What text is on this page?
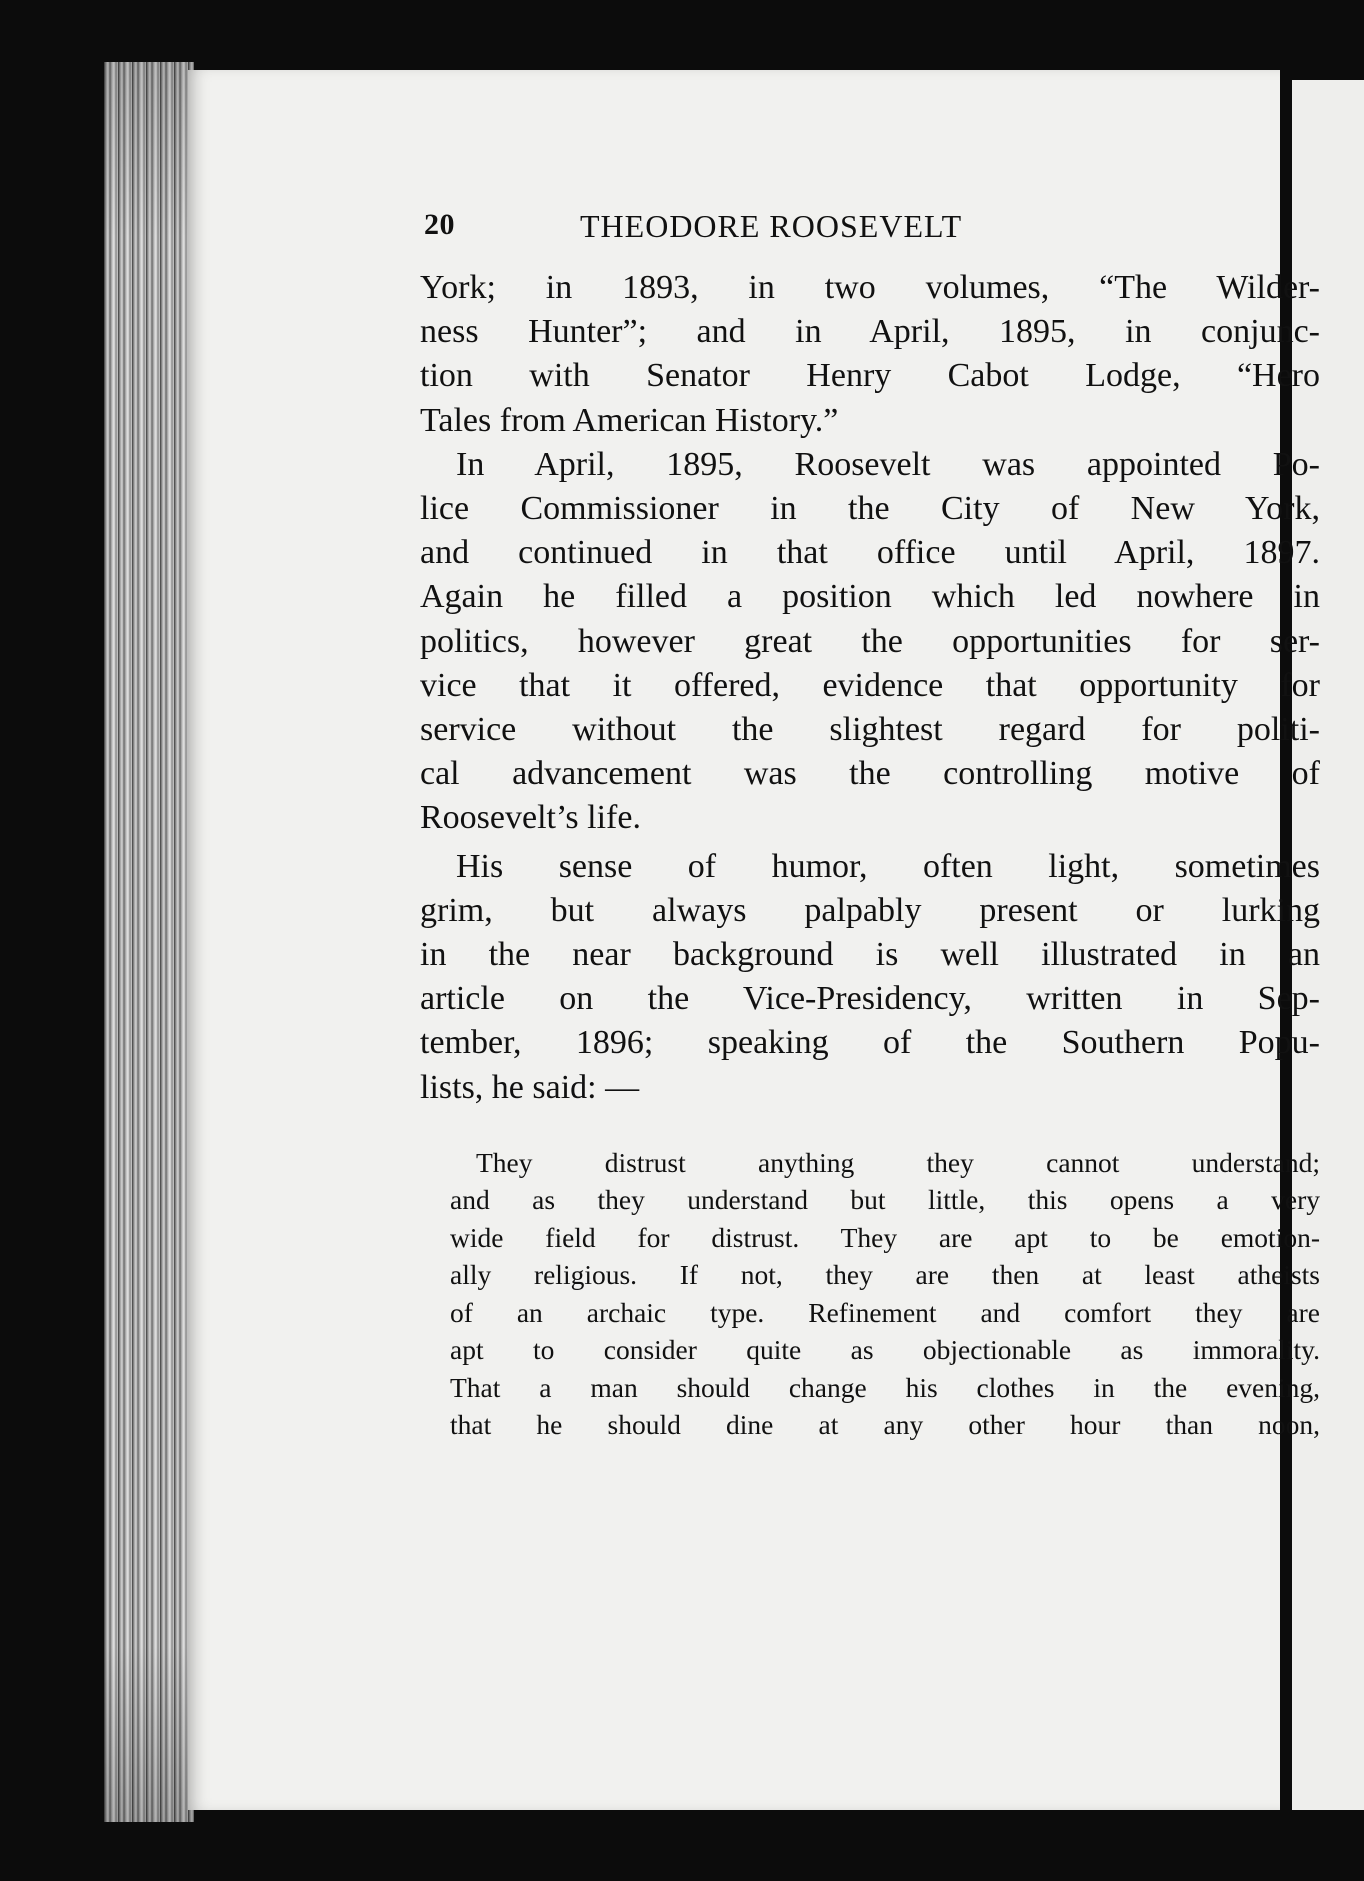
20	THEODORE ROOSEVELT
York; in 1893, in two volumes, “The Wilder-
ness Hunter”; and in April, 1895, in conjunc-
tion with Senator Henry Cabot Lodge, “Hero
Tales from American History.”
In April, 1895, Roosevelt was appointed Po-
lice Commissioner in the City of New York,
and continued in that office until April, 1897.
Again he filled a position which led nowhere in
politics, however great the opportunities for ser-
vice that it offered, evidence that opportunity for
service without the slightest regard for politi-
cal advancement was the controlling motive of
Roosevelt’s life.
His sense of humor, often light, sometimes
grim, but always palpably present or lurking
in the near background is well illustrated in an
article on the Vice-Presidency, written in Sep-
tember, 1896; speaking of the Southern Popu-
lists, he said: —
They distrust anything they cannot understand;
and as they understand but little, this opens a very
wide field for distrust. They are apt to be emotion-
ally religious. If not, they are then at least atheists
of an archaic type. Refinement and comfort they are
apt to consider quite as objectionable as immorality.
That a man should change his clothes in the evening,
that he should dine at any other hour than noon,
